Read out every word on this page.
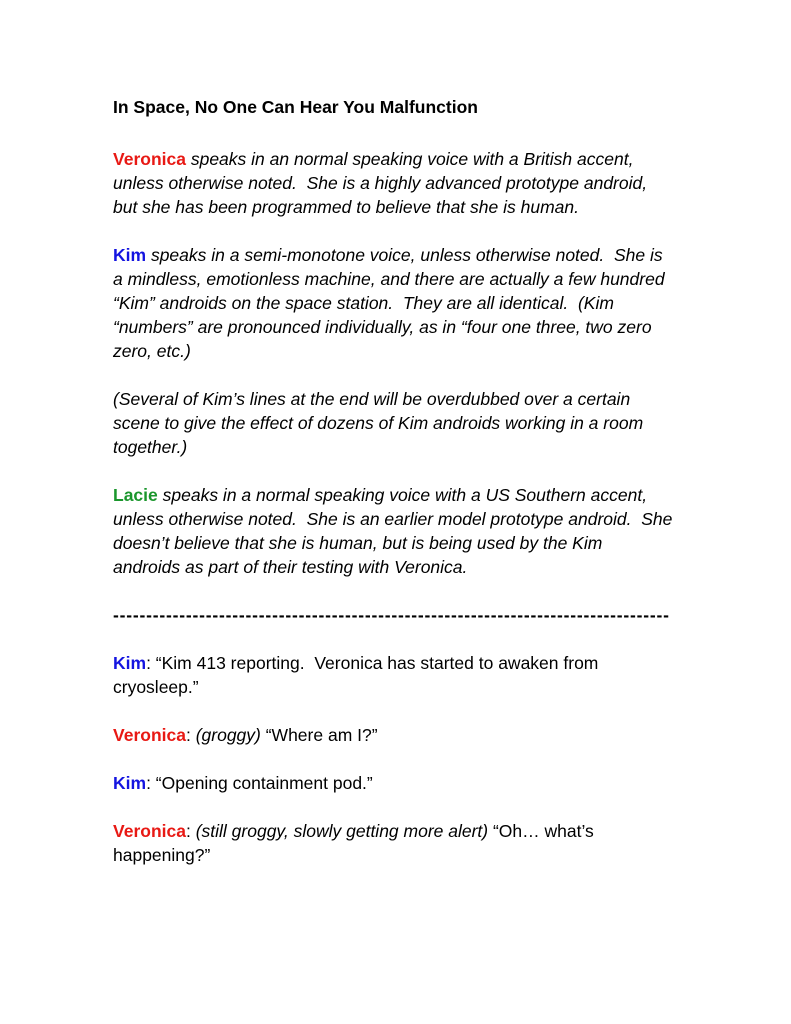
In Space, No One Can Hear You Malfunction

Veronica speaks in an normal speaking voice with a British accent, unless otherwise noted.  She is a highly advanced prototype android, but she has been programmed to believe that she is human.

Kim speaks in a semi-monotone voice, unless otherwise noted.  She is a mindless, emotionless machine, and there are actually a few hundred “Kim” androids on the space station.  They are all identical.  (Kim “numbers” are pronounced individually, as in “four one three, two zero zero, etc.)

(Several of Kim’s lines at the end will be overdubbed over a certain scene to give the effect of dozens of Kim androids working in a room together.)

Lacie speaks in a normal speaking voice with a US Southern accent, unless otherwise noted.  She is an earlier model prototype android.  She doesn’t believe that she is human, but is being used by the Kim androids as part of their testing with Veronica.

------------------------------------------------------------------------------------

Kim: “Kim 413 reporting.  Veronica has started to awaken from cryosleep.”

Veronica: (groggy) “Where am I?”

Kim: “Opening containment pod.”

Veronica: (still groggy, slowly getting more alert) “Oh… what’s happening?”
